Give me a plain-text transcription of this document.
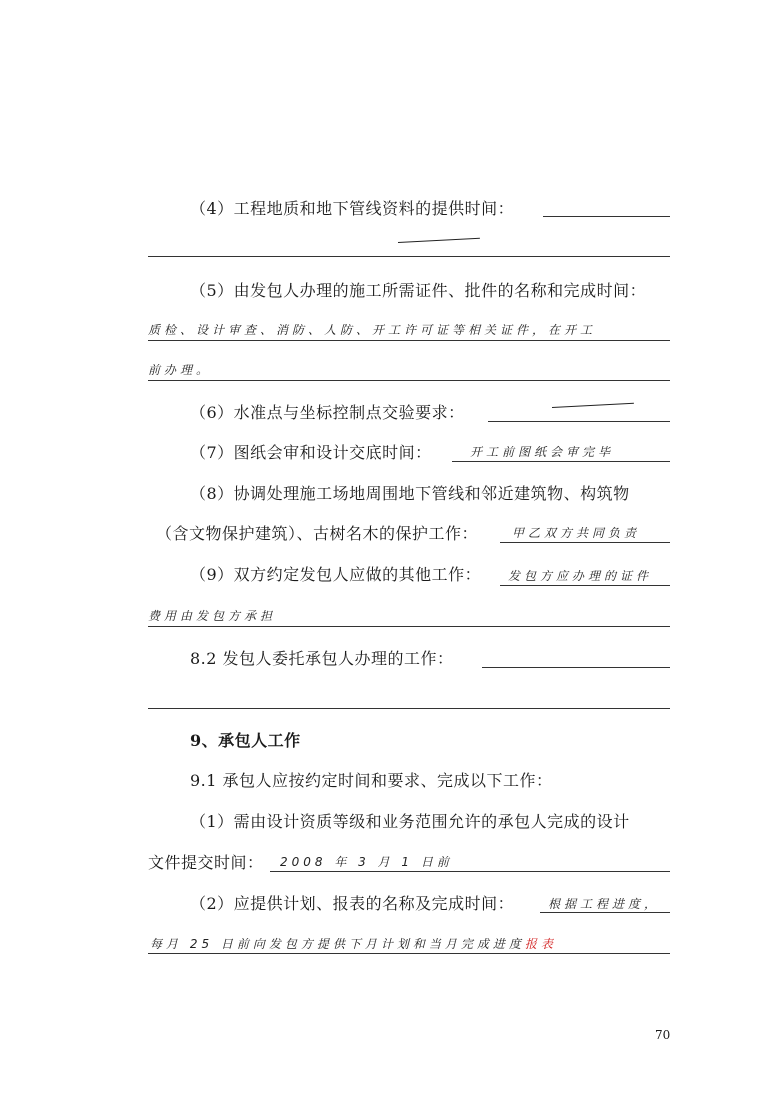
（4）工程地质和地下管线资料的提供时间：
（5）由发包人办理的施工所需证件、批件的名称和完成时间：
质检、设计审查、消防、人防、开工许可证等相关证件，在开工
前办理。
（6）水准点与坐标控制点交验要求：
（7）图纸会审和设计交底时间：	开工前图纸会审完毕
（8）协调处理施工场地周围地下管线和邻近建筑物、构筑物
（含文物保护建筑）、古树名木的保护工作：	甲乙双方共同负责
（9）双方约定发包人应做的其他工作： 发包方应办理的证件
费用由发包方承担
8.2 发包人委托承包人办理的工作：
9、承包人工作
9.1 承包人应按约定时间和要求、完成以下工作：
（1）需由设计资质等级和业务范围允许的承包人完成的设计
文件提交时间： 2008 年 3 月 1 日前
（2）应提供计划、报表的名称及完成时间：	根据工程进度，
每月 25 日前向发包方提供下月计划和当月完成进度报表
70
